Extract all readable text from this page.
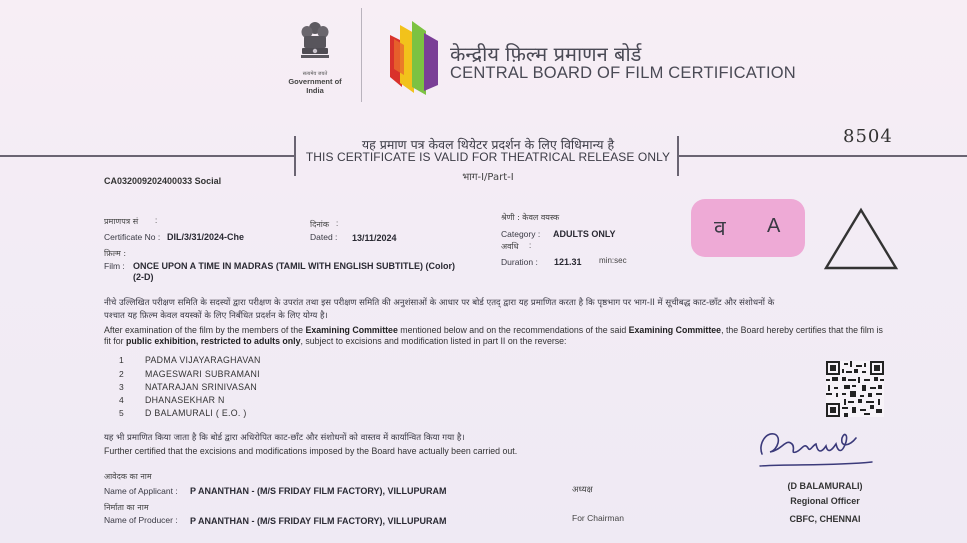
सत्यमेव जयते
Government of India
केन्द्रीय फ़िल्म प्रमाणन बोर्ड
CENTRAL BOARD OF FILM CERTIFICATION
8504
यह प्रमाण पत्र केवल थियेटर प्रदर्शन के लिए विधिमान्य है
THIS CERTIFICATE IS VALID FOR THEATRICAL RELEASE ONLY
भाग-I/Part-I
CA032009202400033 Social
प्रमाणपत्र सं :
Certificate No : DIL/3/31/2024-Che
दिनांक :
Dated : 13/11/2024
फ़िल्म :
Film : ONCE UPON A TIME IN MADRAS (TAMIL WITH ENGLISH SUBTITLE) (Color)
(2-D)
श्रेणी : केवल वयस्क
Category : ADULTS ONLY
अवधि :
Duration : 121.31 min:sec
व A
नीचे उल्लिखित परीक्षण समिति के सदस्यों द्वारा परीक्षण के उपरांत तथा इस परीक्षण समिति की अनुशंसाओं के आधार पर बोर्ड एतद् द्वारा यह प्रमाणित करता है कि पृष्ठभाग पर भाग-II में सूचीबद्ध काट-छाँट और संशोधनों के
पश्चात यह फ़िल्म केवल वयस्कों के लिए निर्बंधित प्रदर्शन के लिए योग्य है।
After examination of the film by the members of the Examining Committee mentioned below and on the recommendations of the said Examining Committee, the Board hereby certifies that the film is fit for public exhibition, restricted to adults only, subject to excisions and modification listed in part II on the reverse:
1 PADMA VIJAYARAGHAVAN
2 MAGESWARI SUBRAMANI
3 NATARAJAN SRINIVASAN
4 DHANASEKHAR N
5 D BALAMURALI ( E.O. )
यह भी प्रमाणित किया जाता है कि बोर्ड द्वारा अधिरोपित काट-छाँट और संशोधनों को वास्तव में कार्यान्वित किया गया है।
Further certified that the excisions and modifications imposed by the Board have actually been carried out.
आवेदक का नाम
Name of Applicant : P ANANTHAN - (M/S FRIDAY FILM FACTORY), VILLUPURAM
निर्माता का नाम
Name of Producer : P ANANTHAN - (M/S FRIDAY FILM FACTORY), VILLUPURAM
अध्यक्ष
For Chairman
(D BALAMURALI)
Regional Officer
CBFC, CHENNAI
